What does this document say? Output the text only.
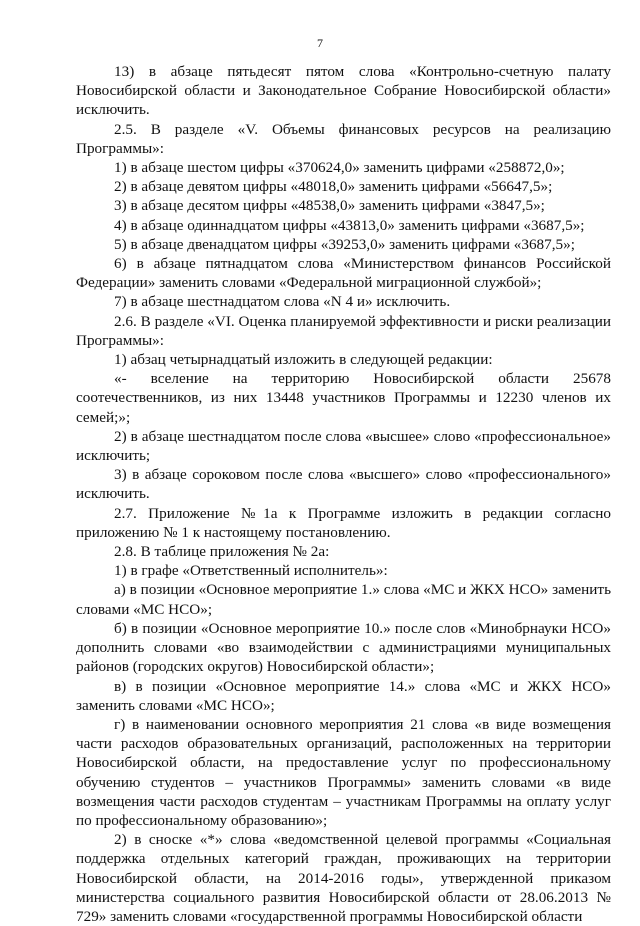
7

13) в абзаце пятьдесят пятом слова «Контрольно-счетную палату Новосибирской области и Законодательное Собрание Новосибирской области» исключить.

2.5. В разделе «V. Объемы финансовых ресурсов на реализацию Программы»:

1) в абзаце шестом цифры «370624,0» заменить цифрами «258872,0»;

2) в абзаце девятом цифры «48018,0» заменить цифрами «56647,5»;

3) в абзаце десятом цифры «48538,0» заменить цифрами «3847,5»;

4) в абзаце одиннадцатом цифры «43813,0» заменить цифрами «3687,5»;

5) в абзаце двенадцатом цифры «39253,0» заменить цифрами «3687,5»;

6) в абзаце пятнадцатом слова «Министерством финансов Российской Федерации» заменить словами «Федеральной миграционной службой»;

7) в абзаце шестнадцатом слова «N 4 и» исключить.

2.6. В разделе «VI. Оценка планируемой эффективности и риски реализации Программы»:

1) абзац четырнадцатый изложить в следующей редакции:

«- вселение на территорию Новосибирской области 25678 соотечественников, из них 13448 участников Программы и 12230 членов их семей;»;

2) в абзаце шестнадцатом после слова «высшее» слово «профессиональное» исключить;

3) в абзаце сороковом после слова «высшего» слово «профессионального» исключить.

2.7. Приложение №1а к Программе изложить в редакции согласно приложению № 1 к настоящему постановлению.

2.8. В таблице приложения № 2а:

1) в графе «Ответственный исполнитель»:

а) в позиции «Основное мероприятие 1.» слова «МС и ЖКХ НСО» заменить словами «МС НСО»;

б) в позиции «Основное мероприятие 10.» после слов «Минобрнауки НСО» дополнить словами «во взаимодействии с администрациями муниципальных районов (городских округов) Новосибирской области»;

в) в позиции «Основное мероприятие 14.» слова «МС и ЖКХ НСО» заменить словами «МС НСО»;

г) в наименовании основного мероприятия 21 слова «в виде возмещения части расходов образовательных организаций, расположенных на территории Новосибирской области, на предоставление услуг по профессиональному обучению студентов – участников Программы» заменить словами «в виде возмещения части расходов студентам – участникам Программы на оплату услуг по профессиональному образованию»;

2) в сноске «*» слова «ведомственной целевой программы «Социальная поддержка отдельных категорий граждан, проживающих на территории Новосибирской области, на 2014-2016 годы», утвержденной приказом министерства социального развития Новосибирской области от 28.06.2013 № 729» заменить словами «государственной программы Новосибирской области
